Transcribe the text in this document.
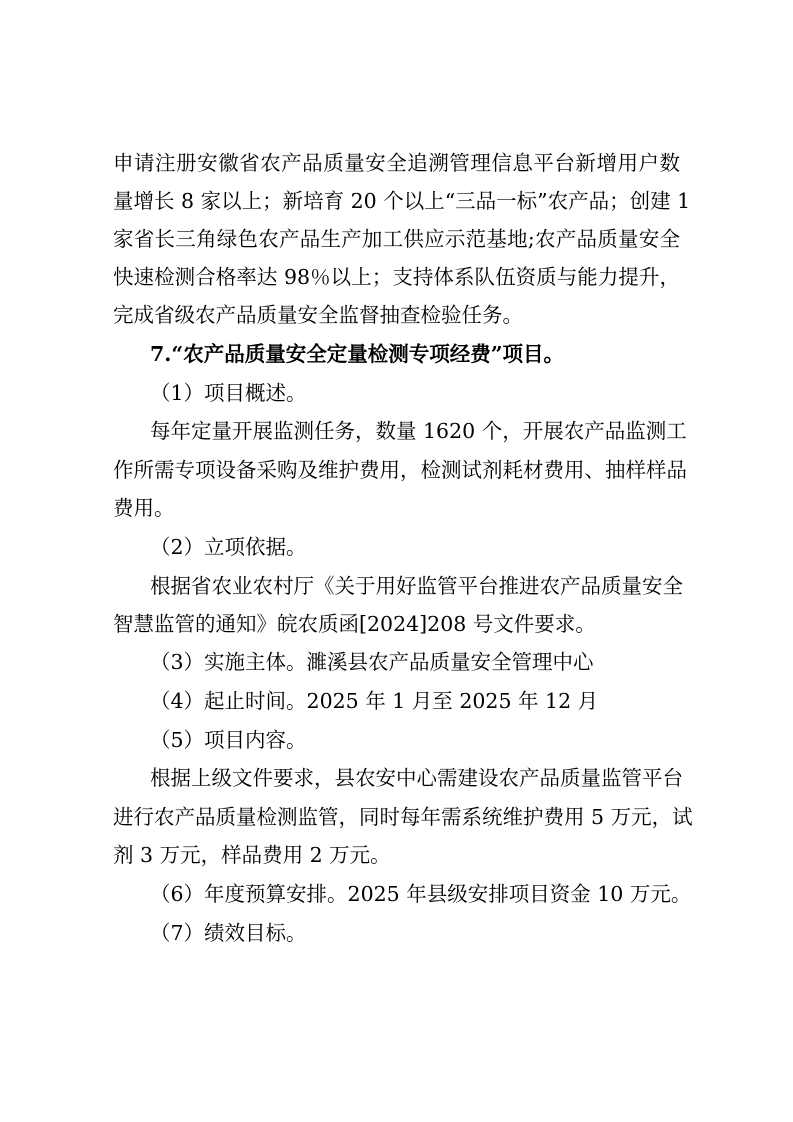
申请注册安徽省农产品质量安全追溯管理信息平台新增用户数
量增长 8 家以上；新培育 20 个以上“三品一标”农产品；创建 1
家省长三角绿色农产品生产加工供应示范基地;农产品质量安全
快速检测合格率达 98％以上；支持体系队伍资质与能力提升，
完成省级农产品质量安全监督抽查检验任务。
7.“农产品质量安全定量检测专项经费”项目。
（1）项目概述。
每年定量开展监测任务，数量 1620 个，开展农产品监测工
作所需专项设备采购及维护费用，检测试剂耗材费用、抽样样品
费用。
（2）立项依据。
根据省农业农村厅《关于用好监管平台推进农产品质量安全
智慧监管的通知》皖农质函[2024]208 号文件要求。
（3）实施主体。濉溪县农产品质量安全管理中心
（4）起止时间。2025 年 1 月至 2025 年 12 月
（5）项目内容。
根据上级文件要求，县农安中心需建设农产品质量监管平台
进行农产品质量检测监管，同时每年需系统维护费用 5 万元，试
剂 3 万元，样品费用 2 万元。
（6）年度预算安排。2025 年县级安排项目资金 10 万元。
（7）绩效目标。
